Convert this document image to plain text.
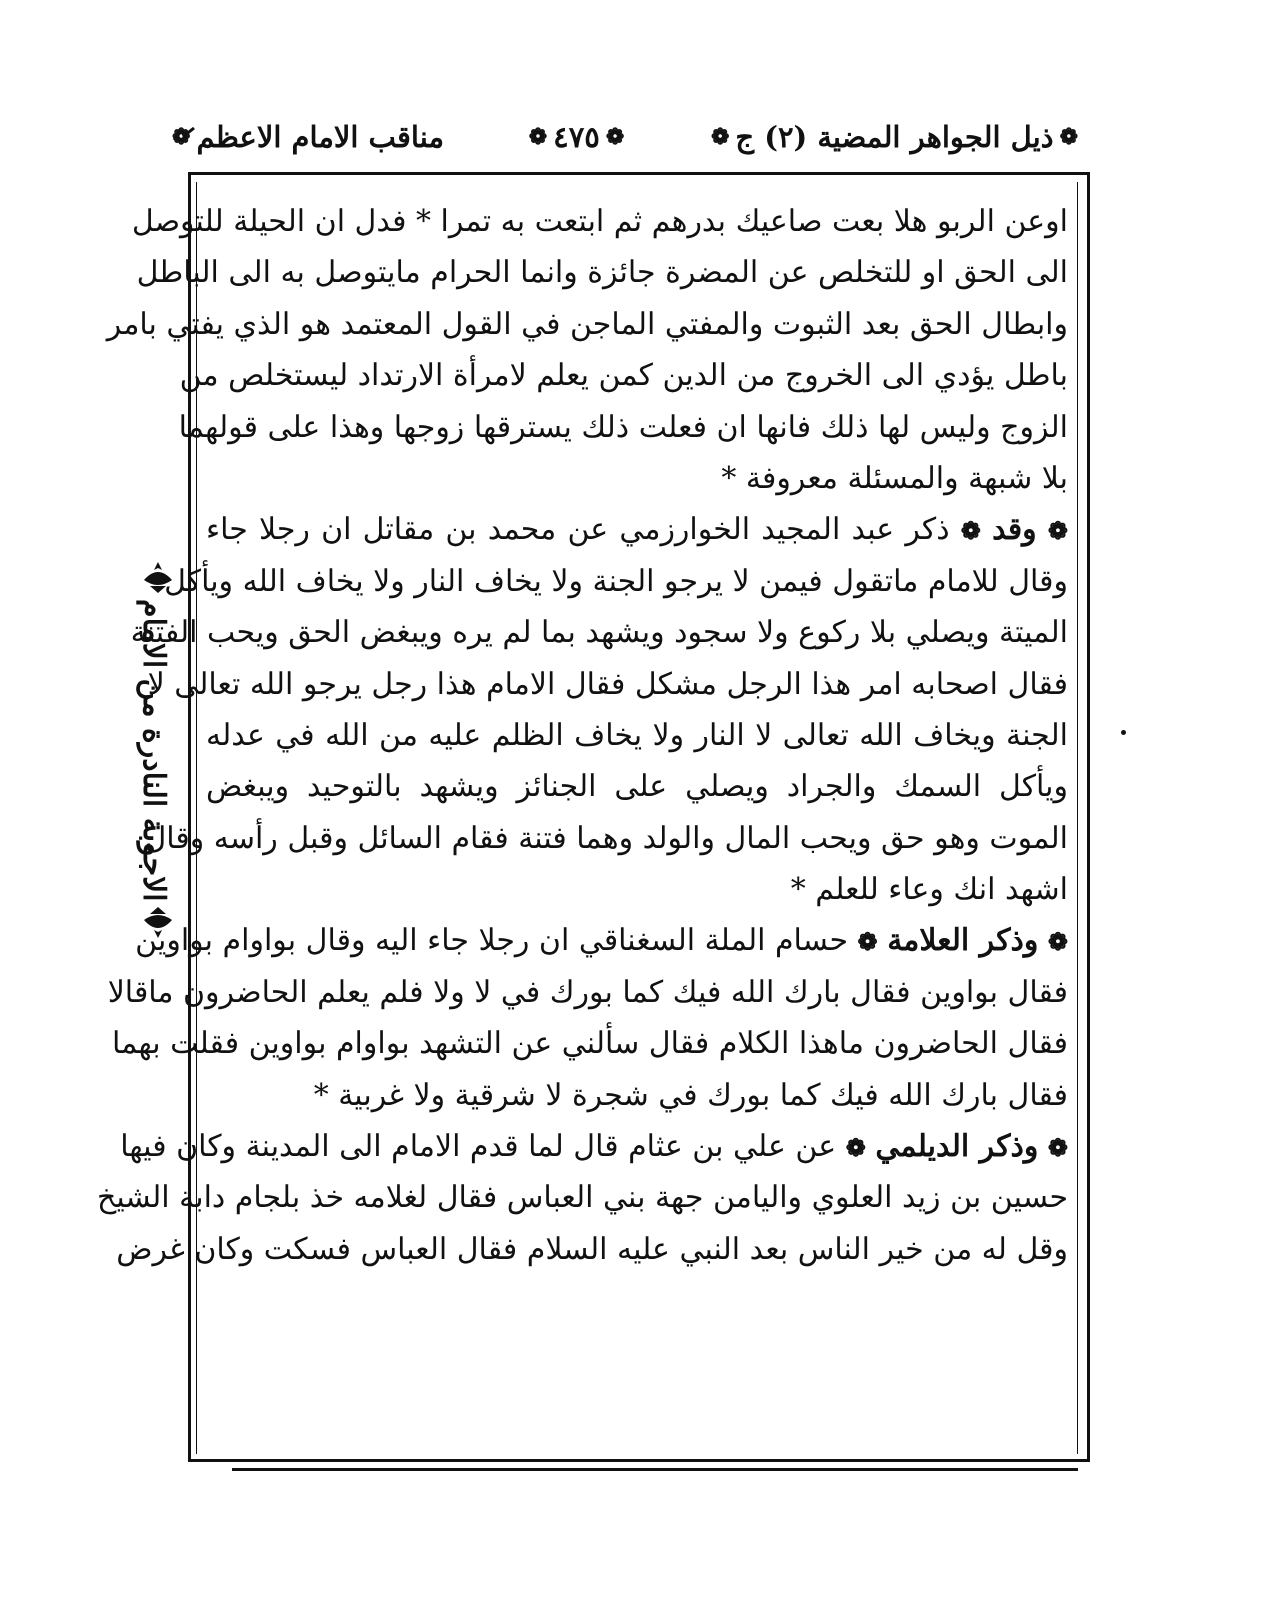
❁
ذيل الجواهر المضية (٢) ج
❁
❁
٤٧٥
❁
مناقب الامام الاعظم
❁
الاجوبة النادرة من الامام
اوعن الربو هلا بعت صاعيك بدرهم ثم ابتعت به تمرا * فدل ان الحيلة للتوصل
الى الحق او للتخلص عن المضرة جائزة وانما الحرام مايتوصل به الى الباطل
وابطال الحق بعد الثبوت والمفتي الماجن في القول المعتمد هو الذي يفتي بامر
باطل يؤدي الى الخروج من الدين كمن يعلم لامرأة الارتداد ليستخلص من
الزوج وليس لها ذلك فانها ان فعلت ذلك يسترقها زوجها وهذا على قولهما
بلا شبهة والمسئلة معروفة *
❁ وقد ❁ ذكر عبد المجيد الخوارزمي عن محمد بن مقاتل ان رجلا جاء
وقال للامام ماتقول فيمن لا يرجو الجنة ولا يخاف النار ولا يخاف الله ويأكل
الميتة ويصلي بلا ركوع ولا سجود ويشهد بما لم يره ويبغض الحق ويحب الفتنة
فقال اصحابه امر هذا الرجل مشكل فقال الامام هذا رجل يرجو الله تعالى لا
الجنة ويخاف الله تعالى لا النار ولا يخاف الظلم عليه من الله في عدله
ويأكل السمك والجراد ويصلي على الجنائز ويشهد بالتوحيد ويبغض
الموت وهو حق ويحب المال والولد وهما فتنة فقام السائل وقبل رأسه وقال
اشهد انك وعاء للعلم *
❁ وذكر العلامة ❁ حسام الملة السغناقي ان رجلا جاء اليه وقال بواوام بواوين
فقال بواوين فقال بارك الله فيك كما بورك في لا ولا فلم يعلم الحاضرون ماقالا
فقال الحاضرون ماهذا الكلام فقال سألني عن التشهد بواوام بواوين فقلت بهما
فقال بارك الله فيك كما بورك في شجرة لا شرقية ولا غربية *
❁ وذكر الديلمي ❁ عن علي بن عثام قال لما قدم الامام الى المدينة وكان فيها
حسين بن زيد العلوي واليامن جهة بني العباس فقال لغلامه خذ بلجام دابة الشيخ
وقل له من خير الناس بعد النبي عليه السلام فقال العباس فسكت وكان غرض
